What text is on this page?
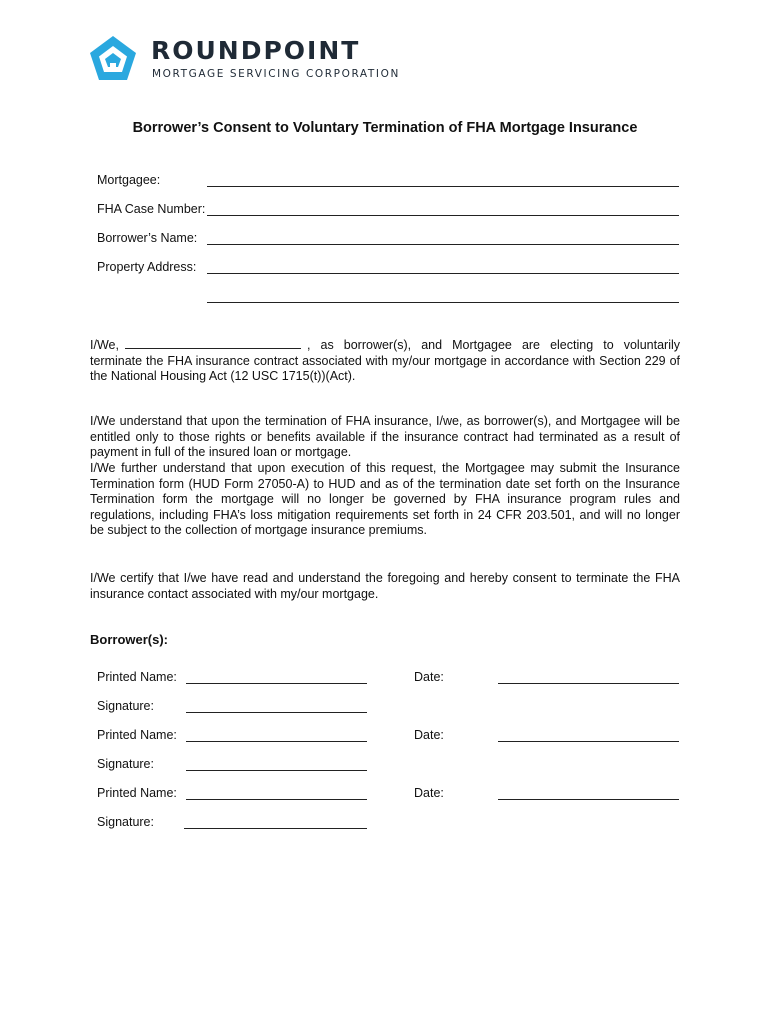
ROUNDPOINT
MORTGAGE SERVICING CORPORATION
Borrower’s Consent to Voluntary Termination of FHA Mortgage Insurance
Mortgagee:
FHA Case Number:
Borrower’s Name:
Property Address:
I/We,	, as borrower(s), and Mortgagee are electing to voluntarily terminate the FHA insurance contract associated with my/our mortgage in accordance with Section 229 of the National Housing Act (12 USC 1715(t))(Act).
I/We understand that upon the termination of FHA insurance, I/we, as borrower(s), and Mortgagee will be entitled only to those rights or benefits available if the insurance contract had terminated as a result of payment in full of the insured loan or mortgage.
I/We further understand that upon execution of this request, the Mortgagee may submit the Insurance Termination form (HUD Form 27050-A) to HUD and as of the termination date set forth on the Insurance Termination form the mortgage will no longer be governed by FHA insurance program rules and regulations, including FHA’s loss mitigation requirements set forth in 24 CFR 203.501, and will no longer be subject to the collection of mortgage insurance premiums.
I/We certify that I/we have read and understand the foregoing and hereby consent to terminate the FHA insurance contact associated with my/our mortgage.
Borrower(s):
Printed Name:	Date:
Signature:
Printed Name:	Date:
Signature:
Printed Name:	Date:
Signature:
